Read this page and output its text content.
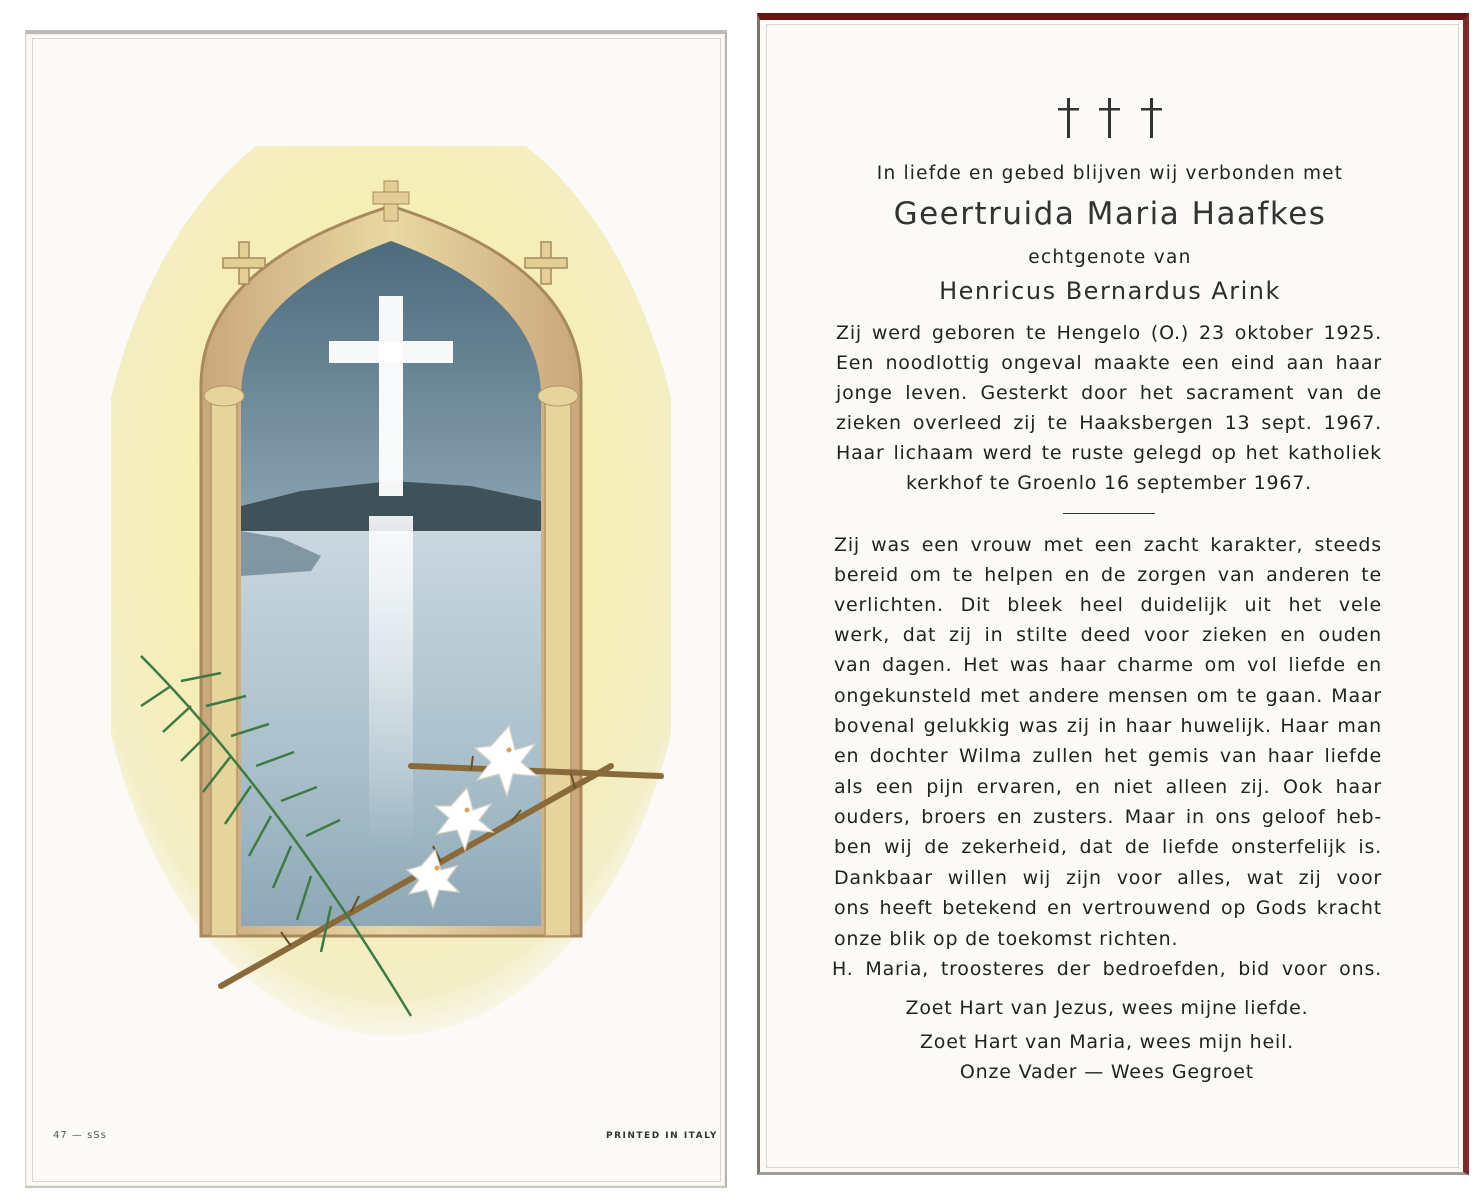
47 — sSs	PRINTED IN ITALY
In liefde en gebed blijven wij verbonden met
Geertruida Maria Haafkes
echtgenote van
Henricus Bernardus Arink
Zij werd geboren te Hengelo (O.) 23 oktober 1925.
Een noodlottig ongeval maakte een eind aan haar
jonge leven. Gesterkt door het sacrament van de
zieken overleed zij te Haaksbergen 13 sept. 1967.
Haar lichaam werd te ruste gelegd op het katholiek
kerkhof te Groenlo 16 september 1967.
Zij was een vrouw met een zacht karakter, steeds
bereid om te helpen en de zorgen van anderen te
verlichten. Dit bleek heel duidelijk uit het vele
werk, dat zij in stilte deed voor zieken en ouden
van dagen. Het was haar charme om vol liefde en
ongekunsteld met andere mensen om te gaan. Maar
bovenal gelukkig was zij in haar huwelijk. Haar man
en dochter Wilma zullen het gemis van haar liefde
als een pijn ervaren, en niet alleen zij. Ook haar
ouders, broers en zusters. Maar in ons geloof heb-
ben wij de zekerheid, dat de liefde onsterfelijk is.
Dankbaar willen wij zijn voor alles, wat zij voor
ons heeft betekend en vertrouwend op Gods kracht
onze blik op de toekomst richten.
H. Maria, troosteres der bedroefden, bid voor ons.
Zoet Hart van Jezus, wees mijne liefde.
Zoet Hart van Maria, wees mijn heil.
Onze Vader — Wees Gegroet
